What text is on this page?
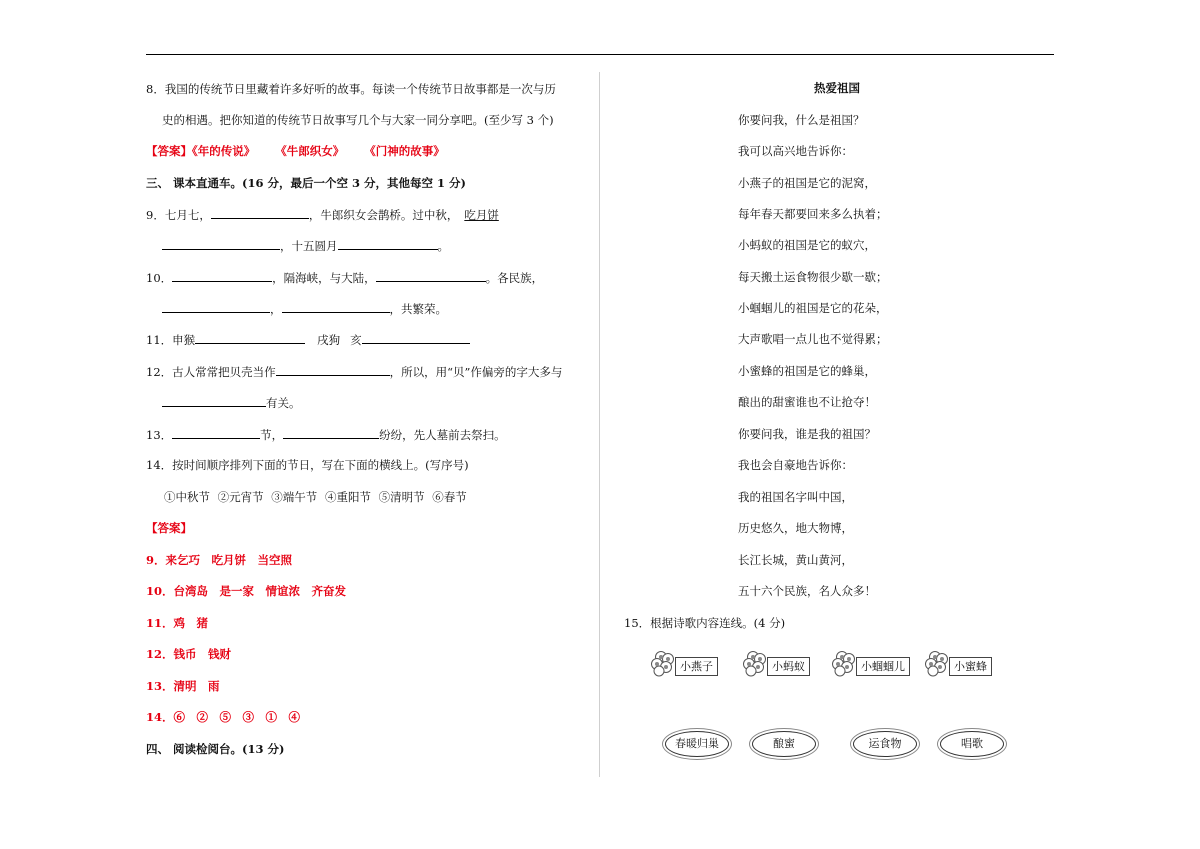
8．我国的传统节日里藏着许多好听的故事。每读一个传统节日故事都是一次与历
史的相遇。把你知道的传统节日故事写几个与大家一同分享吧。(至少写 3 个)
【答案】《年的传说》 《牛郎织女》 《门神的故事》
三、 课本直通车。(16 分，最后一个空 3 分，其他每空 1 分)
9．七月七，	，牛郎织女会鹊桥。过中秋， 吃月饼
，十五圆月	。
10．	，隔海峡，与大陆，	。各民族，
，	，共繁荣。
11．申猴	戌狗 亥
12．古人常常把贝壳当作	，所以，用“贝”作偏旁的字大多与
有关。
13．	节，	纷纷，先人墓前去祭扫。
14．按时间顺序排列下面的节日，写在下面的横线上。(写序号)
①中秋节 ②元宵节 ③端午节 ④重阳节 ⑤清明节 ⑥春节
【答案】
9．来乞巧　吃月饼　当空照
10．台湾岛　是一家　情谊浓　齐奋发
11．鸡　猪
12．钱币　钱财
13．清明　雨
14．⑥　②　⑤　③　①　④
四、 阅读检阅台。(13 分)
热爱祖国
你要问我，什么是祖国？
我可以高兴地告诉你：
小燕子的祖国是它的泥窝，
每年春天都要回来多么执着；
小蚂蚁的祖国是它的蚁穴，
每天搬土运食物很少歇一歇；
小蝈蝈儿的祖国是它的花朵，
大声歌唱一点儿也不觉得累；
小蜜蜂的祖国是它的蜂巢，
酿出的甜蜜谁也不让抢夺！
你要问我，谁是我的祖国？
我也会自豪地告诉你：
我的祖国名字叫中国，
历史悠久，地大物博，
长江长城，黄山黄河，
五十六个民族，名人众多！
15．根据诗歌内容连线。(4 分)
小燕子	小蚂蚁	小蝈蝈儿	小蜜蜂
春暖归巢	酿蜜	运食物	唱歌
